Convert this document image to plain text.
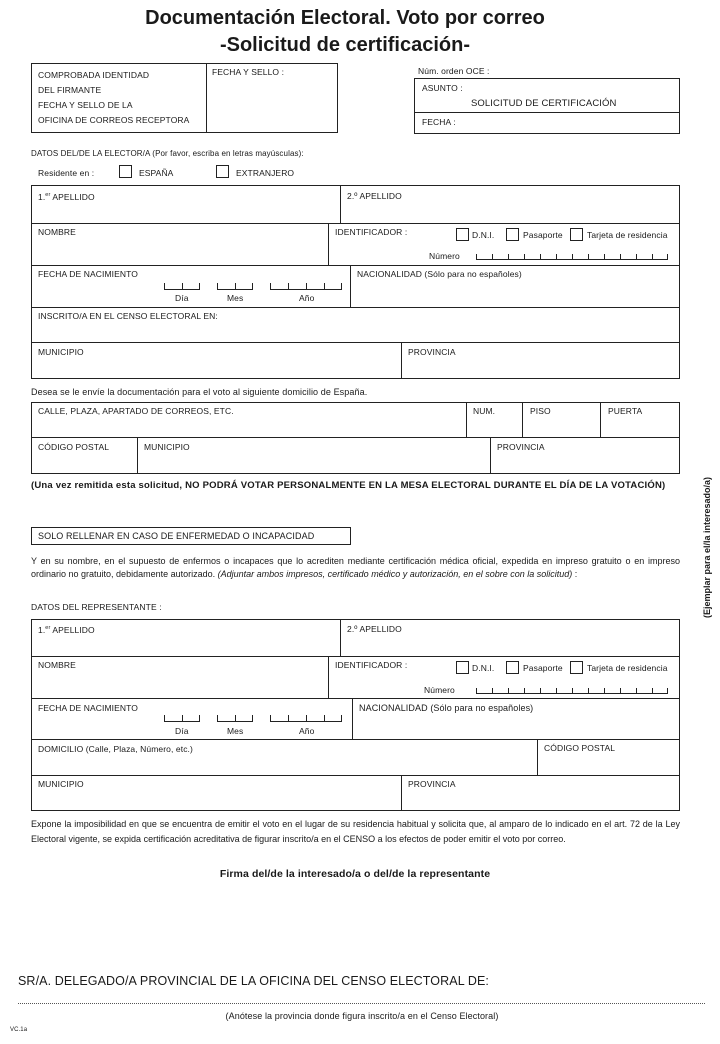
Documentación Electoral. Voto por correo
-Solicitud de certificación-
COMPROBADA IDENTIDAD
DEL FIRMANTE
FECHA Y SELLO DE LA
OFICINA DE CORREOS RECEPTORA
FECHA Y SELLO :	Núm. orden OCE :
ASUNTO :
SOLICITUD DE CERTIFICACIÓN
FECHA :
DATOS DEL/DE LA ELECTOR/A (Por favor, escriba en letras mayúsculas):
Residente en :	ESPAÑA	EXTRANJERO
1.$^{er}$ APELLIDO	2.º APELLIDO
NOMBRE	IDENTIFICADOR :	D.N.I.	Pasaporte	Tarjeta de residencia
Número
FECHA DE NACIMIENTO
Día	Mes	Año
NACIONALIDAD (Sólo para no españoles)
INSCRITO/A EN EL CENSO ELECTORAL EN:
MUNICIPIO	PROVINCIA
Desea se le envíe la documentación para el voto al siguiente domicilio de España.
CALLE, PLAZA, APARTADO DE CORREOS, ETC.	NUM.	PISO	PUERTA
CÓDIGO POSTAL	MUNICIPIO	PROVINCIA
(Una vez remitida esta solicitud, NO PODRÁ VOTAR PERSONALMENTE EN LA MESA ELECTORAL DURANTE EL DÍA DE LA VOTACIÓN)
SOLO RELLENAR EN CASO DE ENFERMEDAD O INCAPACIDAD
Y en su nombre, en el supuesto de enfermos o incapaces que lo acrediten mediante certificación médica oficial, expedida en impreso gratuito o en impreso ordinario no gratuito, debidamente autorizado. (Adjuntar ambos impresos, certificado médico y autorización, en el sobre con la solicitud) :
DATOS DEL REPRESENTANTE :
1.$^{er}$ APELLIDO	2.º APELLIDO
NOMBRE	IDENTIFICADOR :	D.N.I.	Pasaporte	Tarjeta de residencia
Número
FECHA DE NACIMIENTO
Día	Mes	Año
NACIONALIDAD (Sólo para no españoles)
DOMICILIO (Calle, Plaza, Número, etc.)	CÓDIGO POSTAL
MUNICIPIO	PROVINCIA
Expone la imposibilidad en que se encuentra de emitir el voto en el lugar de su residencia habitual y solicita que, al amparo de lo indicado en el art. 72 de la Ley Electoral vigente, se expida certificación acreditativa de figurar inscrito/a en el CENSO a los efectos de poder emitir el voto por correo.
Firma del/de la interesado/a o del/de la representante
SR/A. DELEGADO/A PROVINCIAL DE LA OFICINA DEL CENSO ELECTORAL DE:
(Anótese la provincia donde figura inscrito/a en el Censo Electoral)
VC.1a
(Ejemplar para el/la interesado/a)
